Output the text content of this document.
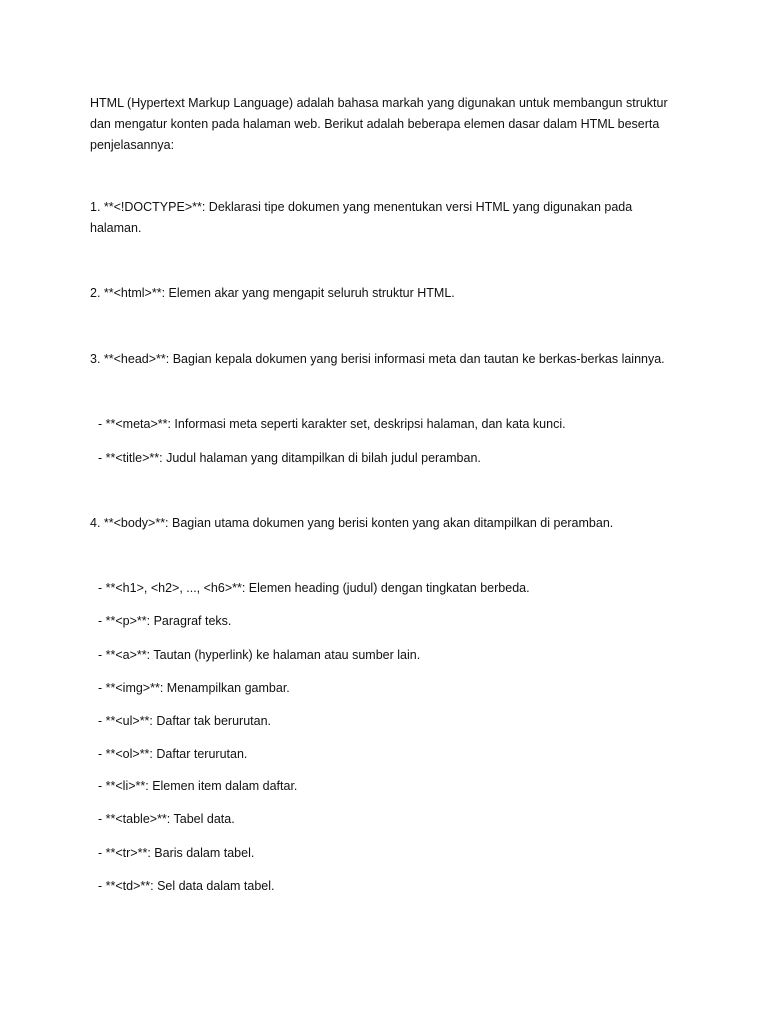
HTML (Hypertext Markup Language) adalah bahasa markah yang digunakan untuk membangun struktur
dan mengatur konten pada halaman web. Berikut adalah beberapa elemen dasar dalam HTML beserta
penjelasannya:
1. **<!DOCTYPE>**: Deklarasi tipe dokumen yang menentukan versi HTML yang digunakan pada
halaman.
2. **<html>**: Elemen akar yang mengapit seluruh struktur HTML.
3. **<head>**: Bagian kepala dokumen yang berisi informasi meta dan tautan ke berkas-berkas lainnya.
- **<meta>**: Informasi meta seperti karakter set, deskripsi halaman, dan kata kunci.
- **<title>**: Judul halaman yang ditampilkan di bilah judul peramban.
4. **<body>**: Bagian utama dokumen yang berisi konten yang akan ditampilkan di peramban.
- **<h1>, <h2>, ..., <h6>**: Elemen heading (judul) dengan tingkatan berbeda.
- **<p>**: Paragraf teks.
- **<a>**: Tautan (hyperlink) ke halaman atau sumber lain.
- **<img>**: Menampilkan gambar.
- **<ul>**: Daftar tak berurutan.
- **<ol>**: Daftar terurutan.
- **<li>**: Elemen item dalam daftar.
- **<table>**: Tabel data.
- **<tr>**: Baris dalam tabel.
- **<td>**: Sel data dalam tabel.
